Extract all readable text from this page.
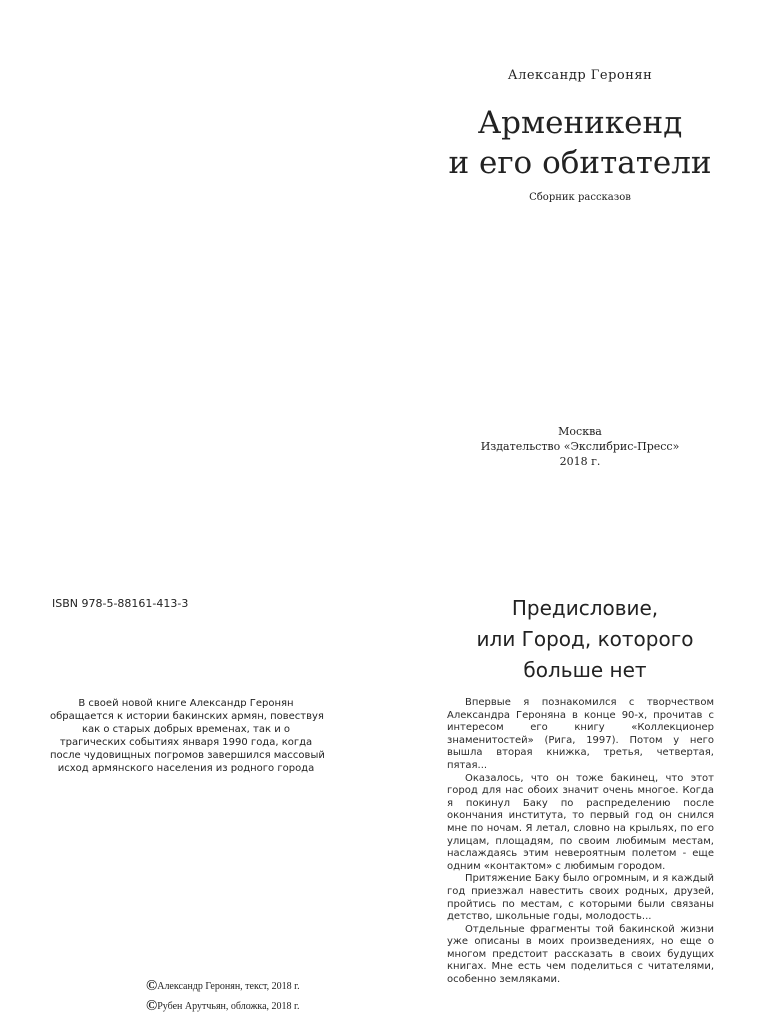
Александр Геронян
Арменикенд
и его обитатели
Сборник рассказов
Москва
Издательство «Экслибрис-Пресс»
2018 г.
ISBN 978-5-88161-413-3
В своей новой книге Александр Геронян
обращается к истории бакинских армян, повествуя
как о старых добрых временах, так и о
трагических событиях января 1990 года, когда
после чудовищных погромов завершился массовый
исход армянского населения из родного города
©Александр Геронян, текст, 2018 г.
©Рубен Арутчьян, обложка, 2018 г.
Предисловие,
или Город, которого
больше нет

Впервые я познакомился с творчеством Александра Геронянa в конце 90-х, прочитав с интересом его книгу «Коллекционер знаменитостей» (Рига, 1997). Потом у него вышла вторая книжка, третья, четвертая, пятая...

Оказалось, что он тоже бакинец, что этот город для нас обоих значит очень многое. Когда я покинул Баку по распределению после окончания института, то первый год он снился мне по ночам. Я летал, словно на крыльях, по его улицам, площадям, по своим любимым местам, наслаждаясь этим невероятным полетом - еще одним «контактом» с любимым городом.

Притяжение Баку было огромным, и я каждый год приезжал навестить своих родных, друзей, пройтись по местам, с которыми были связаны детство, школьные годы, молодость...

Отдельные фрагменты той бакинской жизни уже описаны в моих произведениях, но еще о многом предстоит рассказать в своих будущих книгах. Мне есть чем поделиться с читателями, особенно земляками.
